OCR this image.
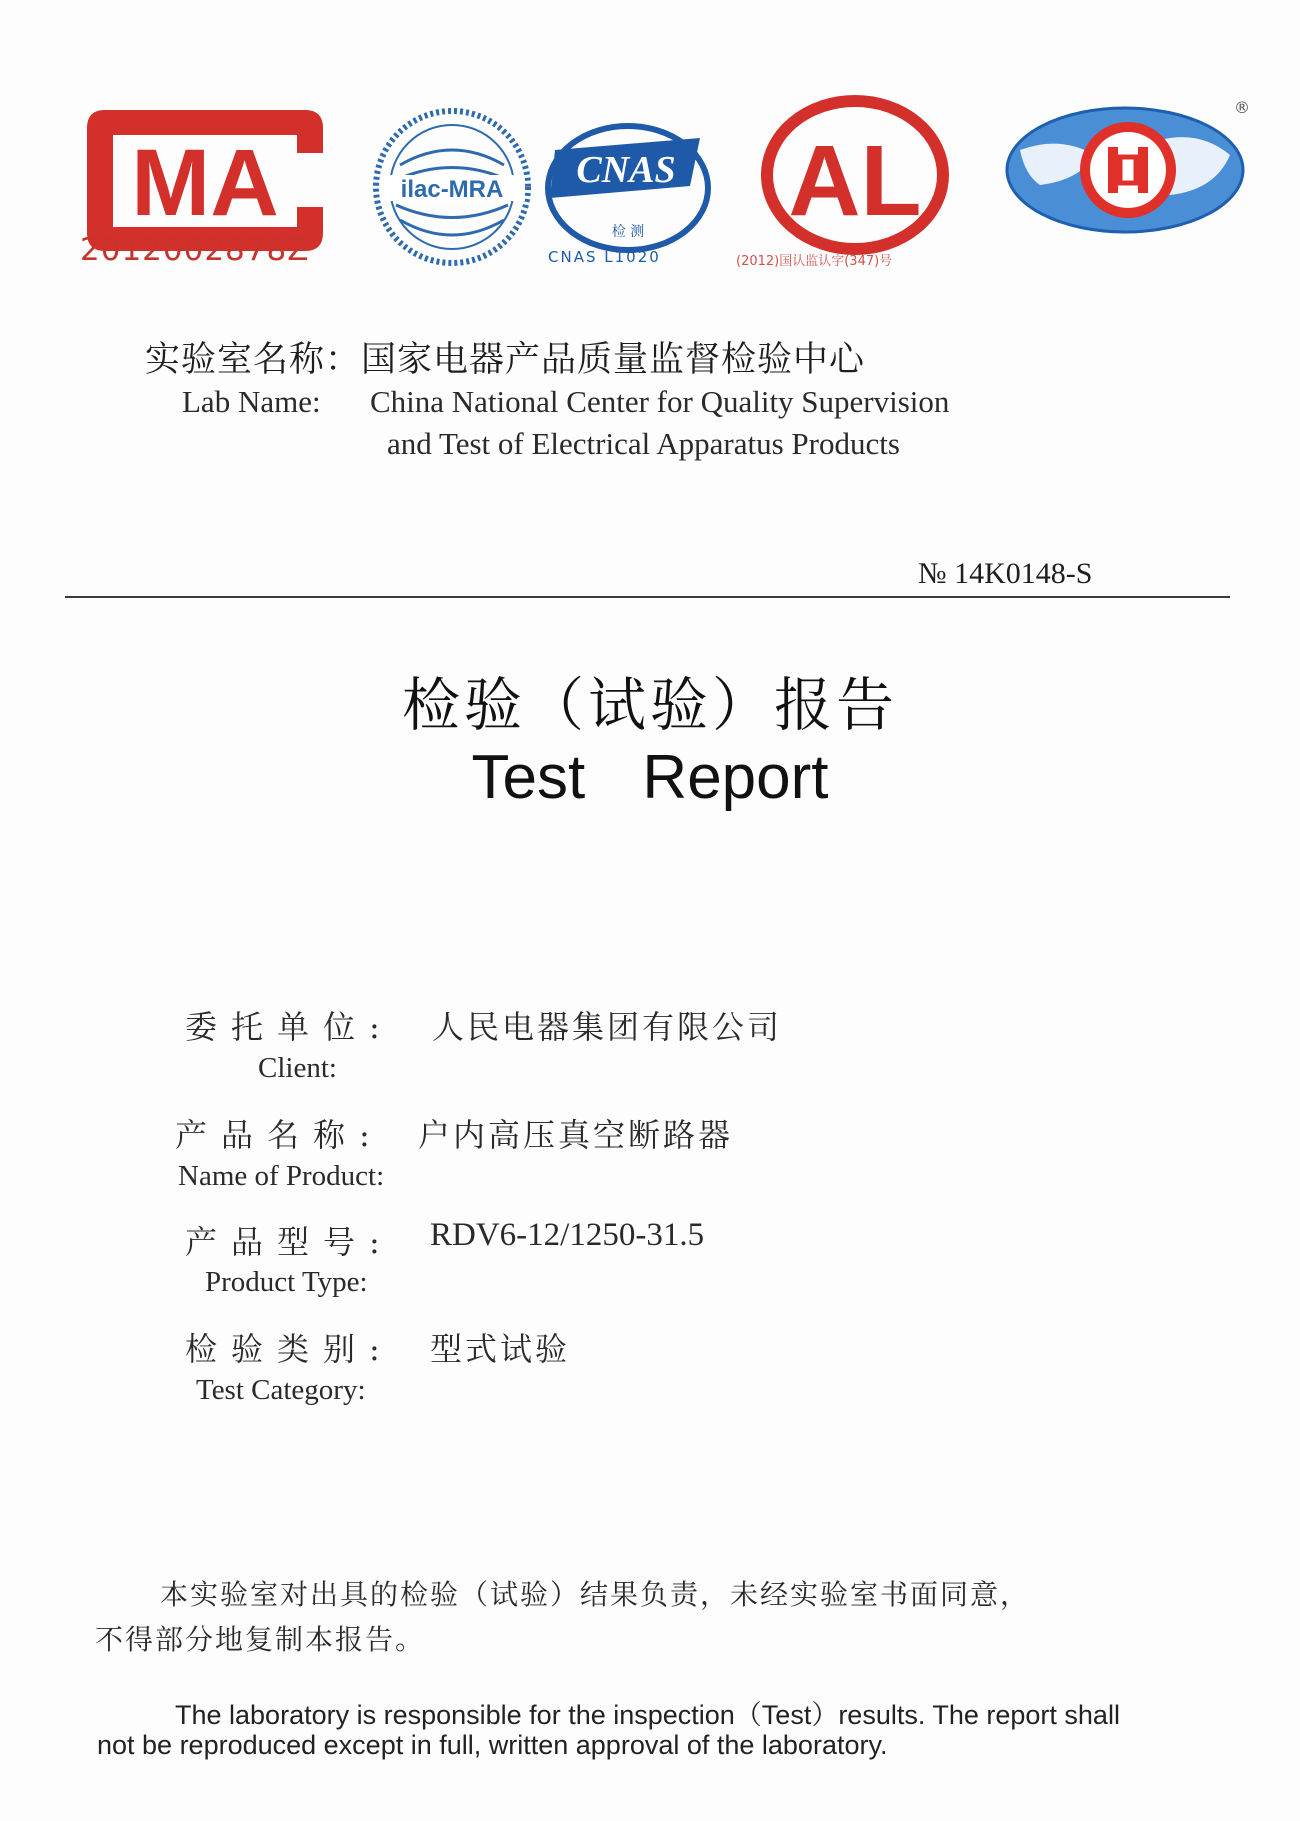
MA
2012002878Z
ilac-MRA CNAS
检 测
CNAS L1020
AL
(2012)国认监认字(347)号
®
实验室名称：国家电器产品质量监督检验中心
Lab Name: China National Center for Quality Supervision
and Test of Electrical Apparatus Products
№ 14K0148-S
检验（试验）报告
Test Report
委托单位: 人民电器集团有限公司
Client:
产品名称: 户内高压真空断路器
Name of Product:
产品型号: RDV6-12/1250-31.5
Product Type:
检验类别: 型式试验
Test Category:
本实验室对出具的检验（试验）结果负责，未经实验室书面同意，
不得部分地复制本报告。
The laboratory is responsible for the inspection（Test）results. The report shall
not be reproduced except in full, written approval of the laboratory.
